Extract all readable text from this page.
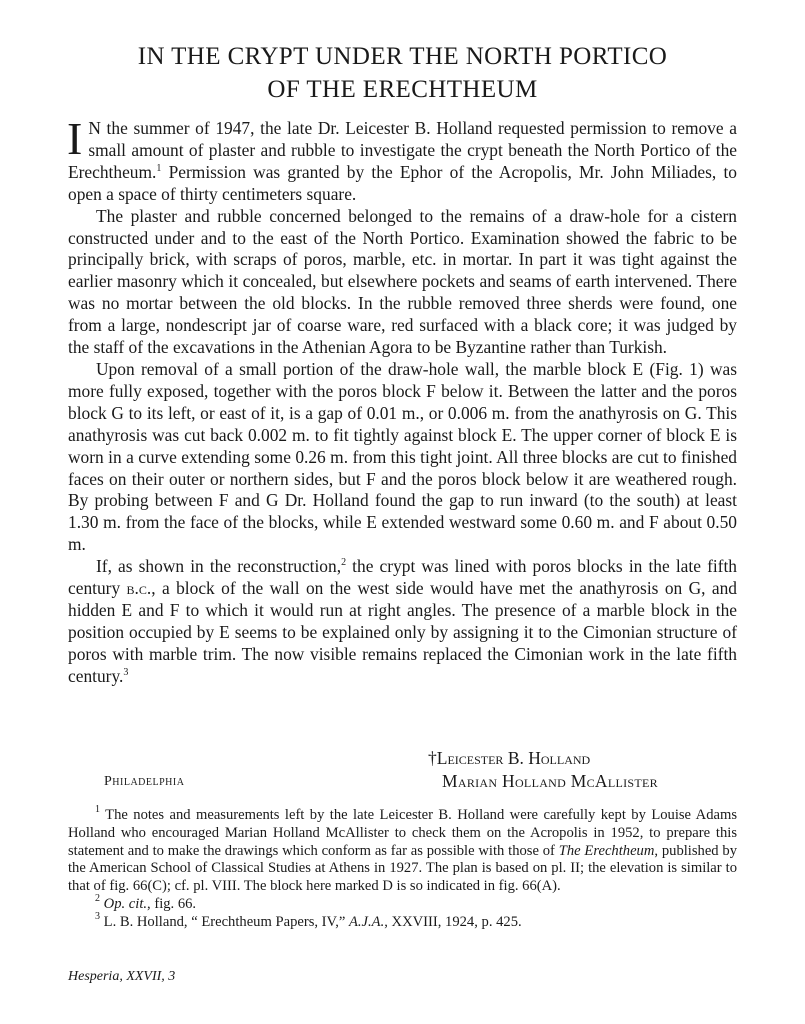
IN THE CRYPT UNDER THE NORTH PORTICO
OF THE ERECHTHEUM

I N the summer of 1947, the late Dr. Leicester B. Holland requested permission to remove a small amount of plaster and rubble to investigate the crypt beneath the North Portico of the Erechtheum.$^1$ Permission was granted by the Ephor of the Acropolis, Mr. John Miliades, to open a space of thirty centimeters square.

The plaster and rubble concerned belonged to the remains of a draw-hole for a cistern constructed under and to the east of the North Portico. Examination showed the fabric to be principally brick, with scraps of poros, marble, etc. in mortar. In part it was tight against the earlier masonry which it concealed, but elsewhere pockets and seams of earth intervened. There was no mortar between the old blocks. In the rubble removed three sherds were found, one from a large, nondescript jar of coarse ware, red surfaced with a black core; it was judged by the staff of the excavations in the Athenian Agora to be Byzantine rather than Turkish.

Upon removal of a small portion of the draw-hole wall, the marble block E (Fig. 1) was more fully exposed, together with the poros block F below it. Between the latter and the poros block G to its left, or east of it, is a gap of 0.01 m., or 0.006 m. from the anathyrosis on G. This anathyrosis was cut back 0.002 m. to fit tightly against block E. The upper corner of block E is worn in a curve extending some 0.26 m. from this tight joint. All three blocks are cut to finished faces on their outer or northern sides, but F and the poros block below it are weathered rough. By probing between F and G Dr. Holland found the gap to run inward (to the south) at least 1.30 m. from the face of the blocks, while E extended westward some 0.60 m. and F about 0.50 m.

If, as shown in the reconstruction,$^2$ the crypt was lined with poros blocks in the late fifth century b.c., a block of the wall on the west side would have met the anathyrosis on G, and hidden E and F to which it would run at right angles. The presence of a marble block in the position occupied by E seems to be explained only by assigning it to the Cimonian structure of poros with marble trim. The now visible remains replaced the Cimonian work in the late fifth century.$^3$

†Leicester B. Holland
Marian Holland McAllister
Philadelphia

$^1$ The notes and measurements left by the late Leicester B. Holland were carefully kept by Louise Adams Holland who encouraged Marian Holland McAllister to check them on the Acropolis in 1952, to prepare this statement and to make the drawings which conform as far as possible with those of The Erechtheum, published by the American School of Classical Studies at Athens in 1927. The plan is based on pl. II; the elevation is similar to that of fig. 66(C); cf. pl. VIII. The block here marked D is so indicated in fig. 66(A).

$^2$ Op. cit., fig. 66.

$^3$ L. B. Holland, “ Erechtheum Papers, IV,” A.J.A., XXVIII, 1924, p. 425.

Hesperia, XXVII, 3
